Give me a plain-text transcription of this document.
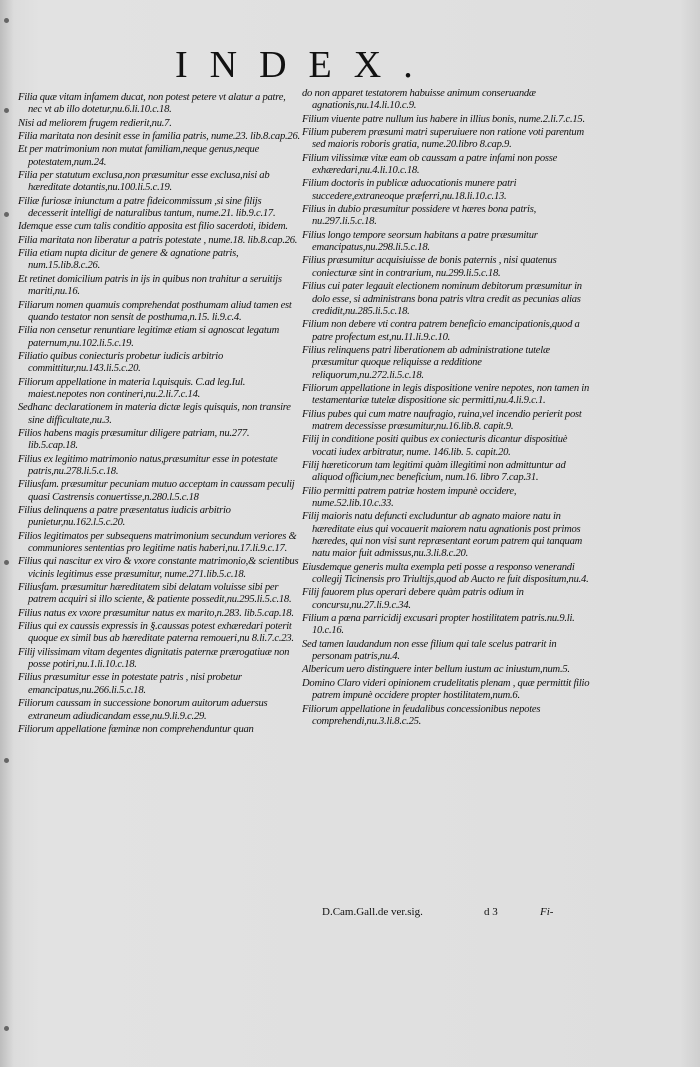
INDEX.

Filia quæ vitam infamem ducat, non potest petere vt alatur a patre, nec vt ab illo dotetur,nu.6.li.10.c.18.

Nisi ad meliorem frugem redierit,nu.7.

Filia maritata non desinit esse in familia patris, nume.23. lib.8.cap.26.

Et per matrimonium non mutat familiam,neque genus,neque potestatem,num.24.

Filia per statutum exclusa,non præsumitur esse exclusa,nisi ab hæreditate dotantis,nu.100.li.5.c.19.

Filiæ furiosæ iniunctum a patre fideicommissum ,si sine filijs decesserit intelligi de naturalibus tantum, nume.21. lib.9.c.17.

Idemque esse cum talis conditio apposita est filio sacerdoti, ibidem.

Filia maritata non liberatur a patris potestate , nume.18. lib.8.cap.26.

Filia etiam nupta dicitur de genere & agnatione patris, num.15.lib.8.c.26.

Et retinet domicilium patris in ijs in quibus non trahitur a seruitijs mariti,nu.16.

Filiarum nomen quamuis comprehendat posthumam aliud tamen est quando testator non sensit de posthuma,n.15. li.9.c.4.

Filia non censetur renuntiare legitimæ etiam si agnoscat legatum paternum,nu.102.li.5.c.19.

Filiatio quibus coniecturis probetur iudicis arbitrio committitur,nu.143.li.5.c.20.

Filiorum appellatione in materia l.quisquis. C.ad leg.Iul. maiest.nepotes non contineri,nu.2.li.7.c.14.

Sedhanc declarationem in materia dictæ legis quisquis, non transire sine difficultate,nu.3.

Filios habens magis præsumitur diligere patriam, nu.277. lib.5.cap.18.

Filius ex legitimo matrimonio natus,præsumitur esse in potestate patris,nu.278.li.5.c.18.

Filiusfam. præsumitur pecuniam mutuo acceptam in caussam peculij quasi Castrensis conuertisse,n.280.l.5.c.18

Filius delinquens a patre præsentatus iudicis arbitrio punietur,nu.162.l.5.c.20.

Filios legitimatos per subsequens matrimonium secundum veriores & communiores sententias pro legitime natis haberi,nu.17.li.9.c.17.

Filius qui nascitur ex viro & vxore constante matrimonio,& scientibus vicinis legitimus esse præsumitur, nume.271.lib.5.c.18.

Filiusfam. præsumitur hæreditatem sibi delatam voluisse sibi per patrem acquiri si illo sciente, & patiente possedit,nu.295.li.5.c.18.

Filius natus ex vxore præsumitur natus ex marito,n.283. lib.5.cap.18.

Filius qui ex caussis expressis in §.caussas potest exhæredari poterit quoque ex simil bus ab hæreditate paterna remoueri,nu 8.li.7.c.23.

Filij vilissimam vitam degentes dignitatis paternæ prærogatiuæ non posse potiri,nu.1.li.10.c.18.

Filius præsumitur esse in potestate patris , nisi probetur emancipatus,nu.266.li.5.c.18.

Filiorum caussam in successione bonorum auitorum aduersus extraneum adiudicandam esse,nu.9.li.9.c.29.

Filiorum appellatione fœminæ non comprehenduntur quan

do non apparet testatorem habuisse animum conseruandæ agnationis,nu.14.li.10.c.9.

Filium viuente patre nullum ius habere in illius bonis, nume.2.li.7.c.15.

Filium puberem præsumi matri superuiuere non ratione voti parentum sed maioris roboris gratia, nume.20.libro 8.cap.9.

Filium vilissimæ vitæ eam ob caussam a patre infami non posse exhæredari,nu.4.li.10.c.18.

Filium doctoris in publicæ aduocationis munere patri succedere,extraneoque præferri,nu.18.li.10.c.13.

Filius in dubio præsumitur possidere vt hæres bona patris, nu.297.li.5.c.18.

Filius longo tempore seorsum habitans a patre præsumitur emancipatus,nu.298.li.5.c.18.

Filius præsumitur acquisiuisse de bonis paternis , nisi quatenus coniecturæ sint in contrarium, nu.299.li.5.c.18.

Filius cui pater legauit electionem nominum debitorum præsumitur in dolo esse, si administrans bona patris vltra credit as pecunias alias credidit,nu.285.li.5.c.18.

Filium non debere vti contra patrem beneficio emancipationis,quod a patre profectum est,nu.11.li.9.c.10.

Filius relinquens patri liberationem ab administratione tutelæ præsumitur quoque reliquisse a redditione reliquorum,nu.272.li.5.c.18.

Filiorum appellatione in legis dispositione venire nepotes, non tamen in testamentariæ tutelæ dispositione sic permitti,nu.4.li.9.c.1.

Filius pubes qui cum matre naufragio, ruina,vel incendio perierit post matrem decessisse præsumitur,nu.16.lib.8. capit.9.

Filij in conditione positi quibus ex coniecturis dicantur dispositiuè vocati iudex arbitratur, nume. 146.lib. 5. capit.20.

Filij hæreticorum tam legitimi quàm illegitimi non admittuntur ad aliquod officium,nec beneficium, num.16. libro 7.cap.31.

Filio permitti patrem patriæ hostem impunè occidere, nume.52.lib.10.c.33.

Filij maioris natu defuncti excluduntur ab agnato maiore natu in hæreditate eius qui vocauerit maiorem natu agnationis post primos hæredes, qui non visi sunt repræsentant eorum patrem qui tanquam natu maior fuit admissus,nu.3.li.8.c.20.

Eiusdemque generis multa exempla peti posse a responso venerandi collegij Ticinensis pro Triultijs,quod ab Aucto re fuit dispositum,nu.4.

Filij fauorem plus operari debere quàm patris odium in concursu,nu.27.li.9.c.34.

Filium a pœna parricidij excusari propter hostilitatem patris.nu.9.li. 10.c.16.

Sed tamen laudandum non esse filium qui tale scelus patrarit in personam patris,nu.4.

Albericum uero distinguere inter bellum iustum ac iniustum,num.5.

Domino Claro videri opinionem crudelitatis plenam , quæ permittit filio patrem impunè occidere propter hostilitatem,num.6.

Filiorum appellatione in feudalibus concessionibus nepotes comprehendi,nu.3.li.8.c.25.

D.Cam.Gall.de ver.sig.	d 3	Fi-
